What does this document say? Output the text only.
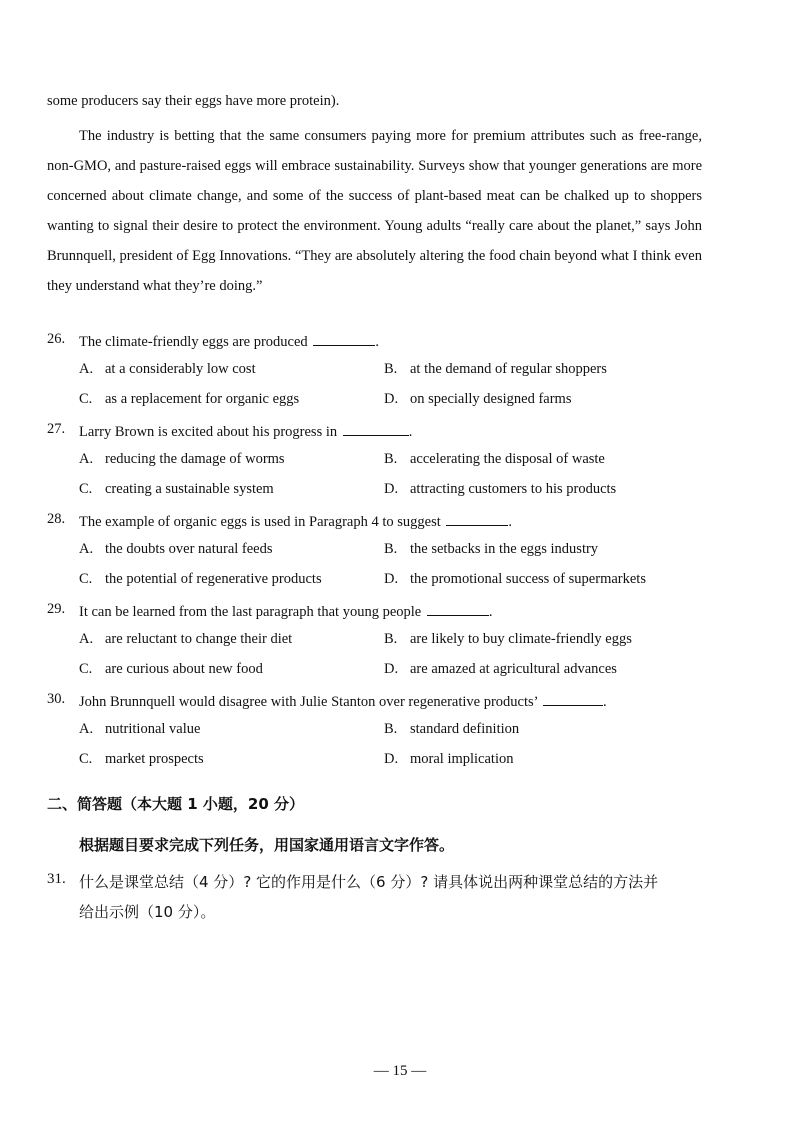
some producers say their eggs have more protein).
The industry is betting that the same consumers paying more for premium attributes such as free-range, non-GMO, and pasture-raised eggs will embrace sustainability. Surveys show that younger generations are more concerned about climate change, and some of the success of plant-based meat can be chalked up to shoppers wanting to signal their desire to protect the environment. Young adults “really care about the planet,” says John Brunnquell, president of Egg Innovations. “They are absolutely altering the food chain beyond what I think even they understand what they’re doing.”
26. The climate-friendly eggs are produced	.
A. at a considerably low cost	B. at the demand of regular shoppers
C. as a replacement for organic eggs	D. on specially designed farms
27. Larry Brown is excited about his progress in	.
A. reducing the damage of worms	B. accelerating the disposal of waste
C. creating a sustainable system	D. attracting customers to his products
28. The example of organic eggs is used in Paragraph 4 to suggest	.
A. the doubts over natural feeds	B. the setbacks in the eggs industry
C. the potential of regenerative products	D. the promotional success of supermarkets
29. It can be learned from the last paragraph that young people	.
A. are reluctant to change their diet	B. are likely to buy climate-friendly eggs
C. are curious about new food	D. are amazed at agricultural advances
30. John Brunnquell would disagree with Julie Stanton over regenerative products’	.
A. nutritional value	B. standard definition
C. market prospects	D. moral implication
二、简答题（本大题 1 小题，20 分）
根据题目要求完成下列任务，用国家通用语言文字作答。
31. 什么是课堂总结（4 分）? 它的作用是什么（6 分）? 请具体说出两种课堂总结的方法并
给出示例（10 分）。
— 15 —
